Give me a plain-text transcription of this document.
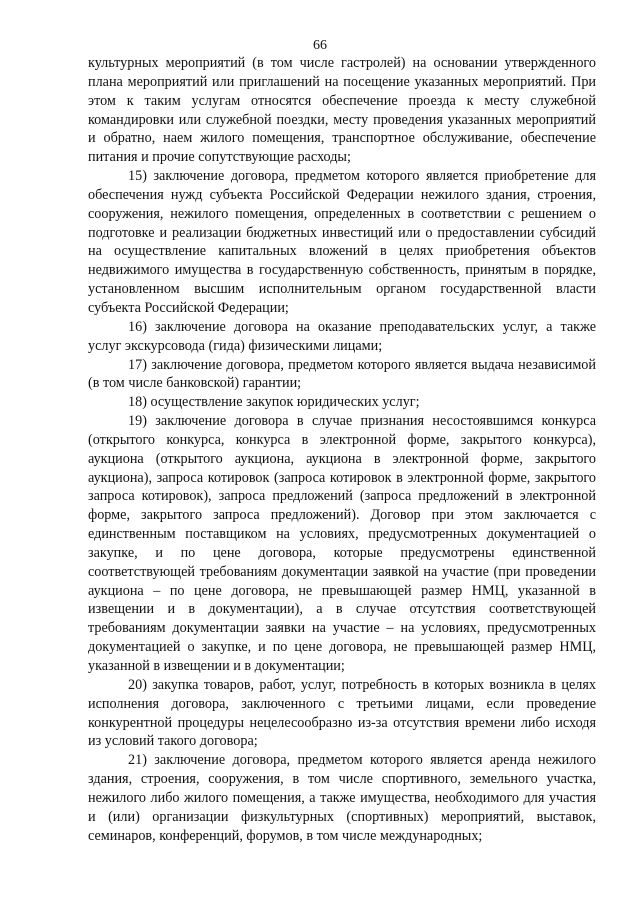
66

культурных мероприятий (в том числе гастролей) на основании утвержденного плана мероприятий или приглашений на посещение указанных мероприятий. При этом к таким услугам относятся обеспечение проезда к месту служебной командировки или служебной поездки, месту проведения указанных мероприятий и обратно, наем жилого помещения, транспортное обслуживание, обеспечение питания и прочие сопутствующие расходы;

15) заключение договора, предметом которого является приобретение для обеспечения нужд субъекта Российской Федерации нежилого здания, строения, сооружения, нежилого помещения, определенных в соответствии с решением о подготовке и реализации бюджетных инвестиций или о предоставлении субсидий на осуществление капитальных вложений в целях приобретения объектов недвижимого имущества в государственную собственность, принятым в порядке, установленном высшим исполнительным органом государственной власти субъекта Российской Федерации;

16) заключение договора на оказание преподавательских услуг, а также услуг экскурсовода (гида) физическими лицами;

17) заключение договора, предметом которого является выдача независимой (в том числе банковской) гарантии;

18) осуществление закупок юридических услуг;

19) заключение договора в случае признания несостоявшимся конкурса (открытого конкурса, конкурса в электронной форме, закрытого конкурса), аукциона (открытого аукциона, аукциона в электронной форме, закрытого аукциона), запроса котировок (запроса котировок в электронной форме, закрытого запроса котировок), запроса предложений (запроса предложений в электронной форме, закрытого запроса предложений). Договор при этом заключается с единственным поставщиком на условиях, предусмотренных документацией о закупке, и по цене договора, которые предусмотрены единственной соответствующей требованиям документации заявкой на участие (при проведении аукциона – по цене договора, не превышающей размер НМЦ, указанной в извещении и в документации), а в случае отсутствия соответствующей требованиям документации заявки на участие – на условиях, предусмотренных документацией о закупке, и по цене договора, не превышающей размер НМЦ, указанной в извещении и в документации;

20) закупка товаров, работ, услуг, потребность в которых возникла в целях исполнения договора, заключенного с третьими лицами, если проведение конкурентной процедуры нецелесообразно из-за отсутствия времени либо исходя из условий такого договора;

21) заключение договора, предметом которого является аренда нежилого здания, строения, сооружения, в том числе спортивного, земельного участка, нежилого либо жилого помещения, а также имущества, необходимого для участия и (или) организации физкультурных (спортивных) мероприятий, выставок, семинаров, конференций, форумов, в том числе международных;
